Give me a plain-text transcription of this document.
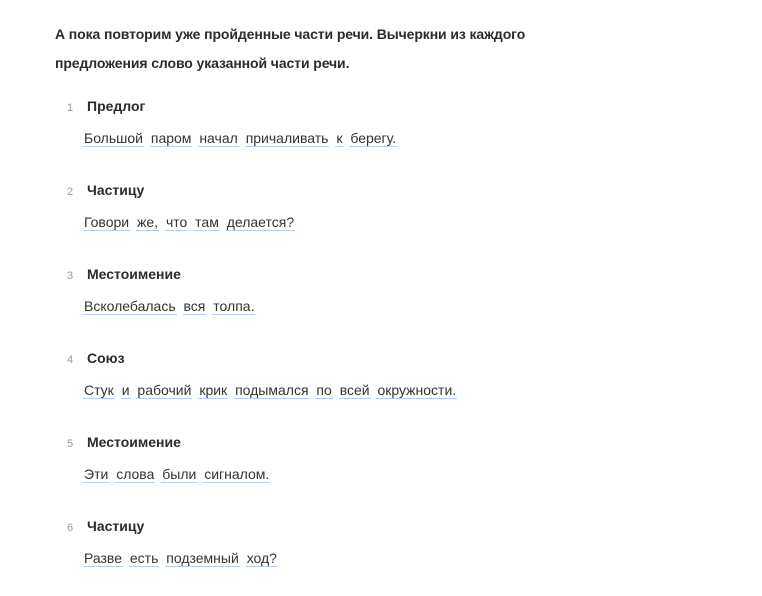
А пока повторим уже пройденные части речи. Вычеркни из каждого предложения слово указанной части речи.

1 Предлог
Большой паром начал причаливать к берегу.
2 Частицу
Говори же, что там делается?
3 Местоимение
Всколебалась вся толпа.
4 Союз
Стук и рабочий крик подымался по всей окружности.
5 Местоимение
Эти слова были сигналом.
6 Частицу
Разве есть подземный ход?
